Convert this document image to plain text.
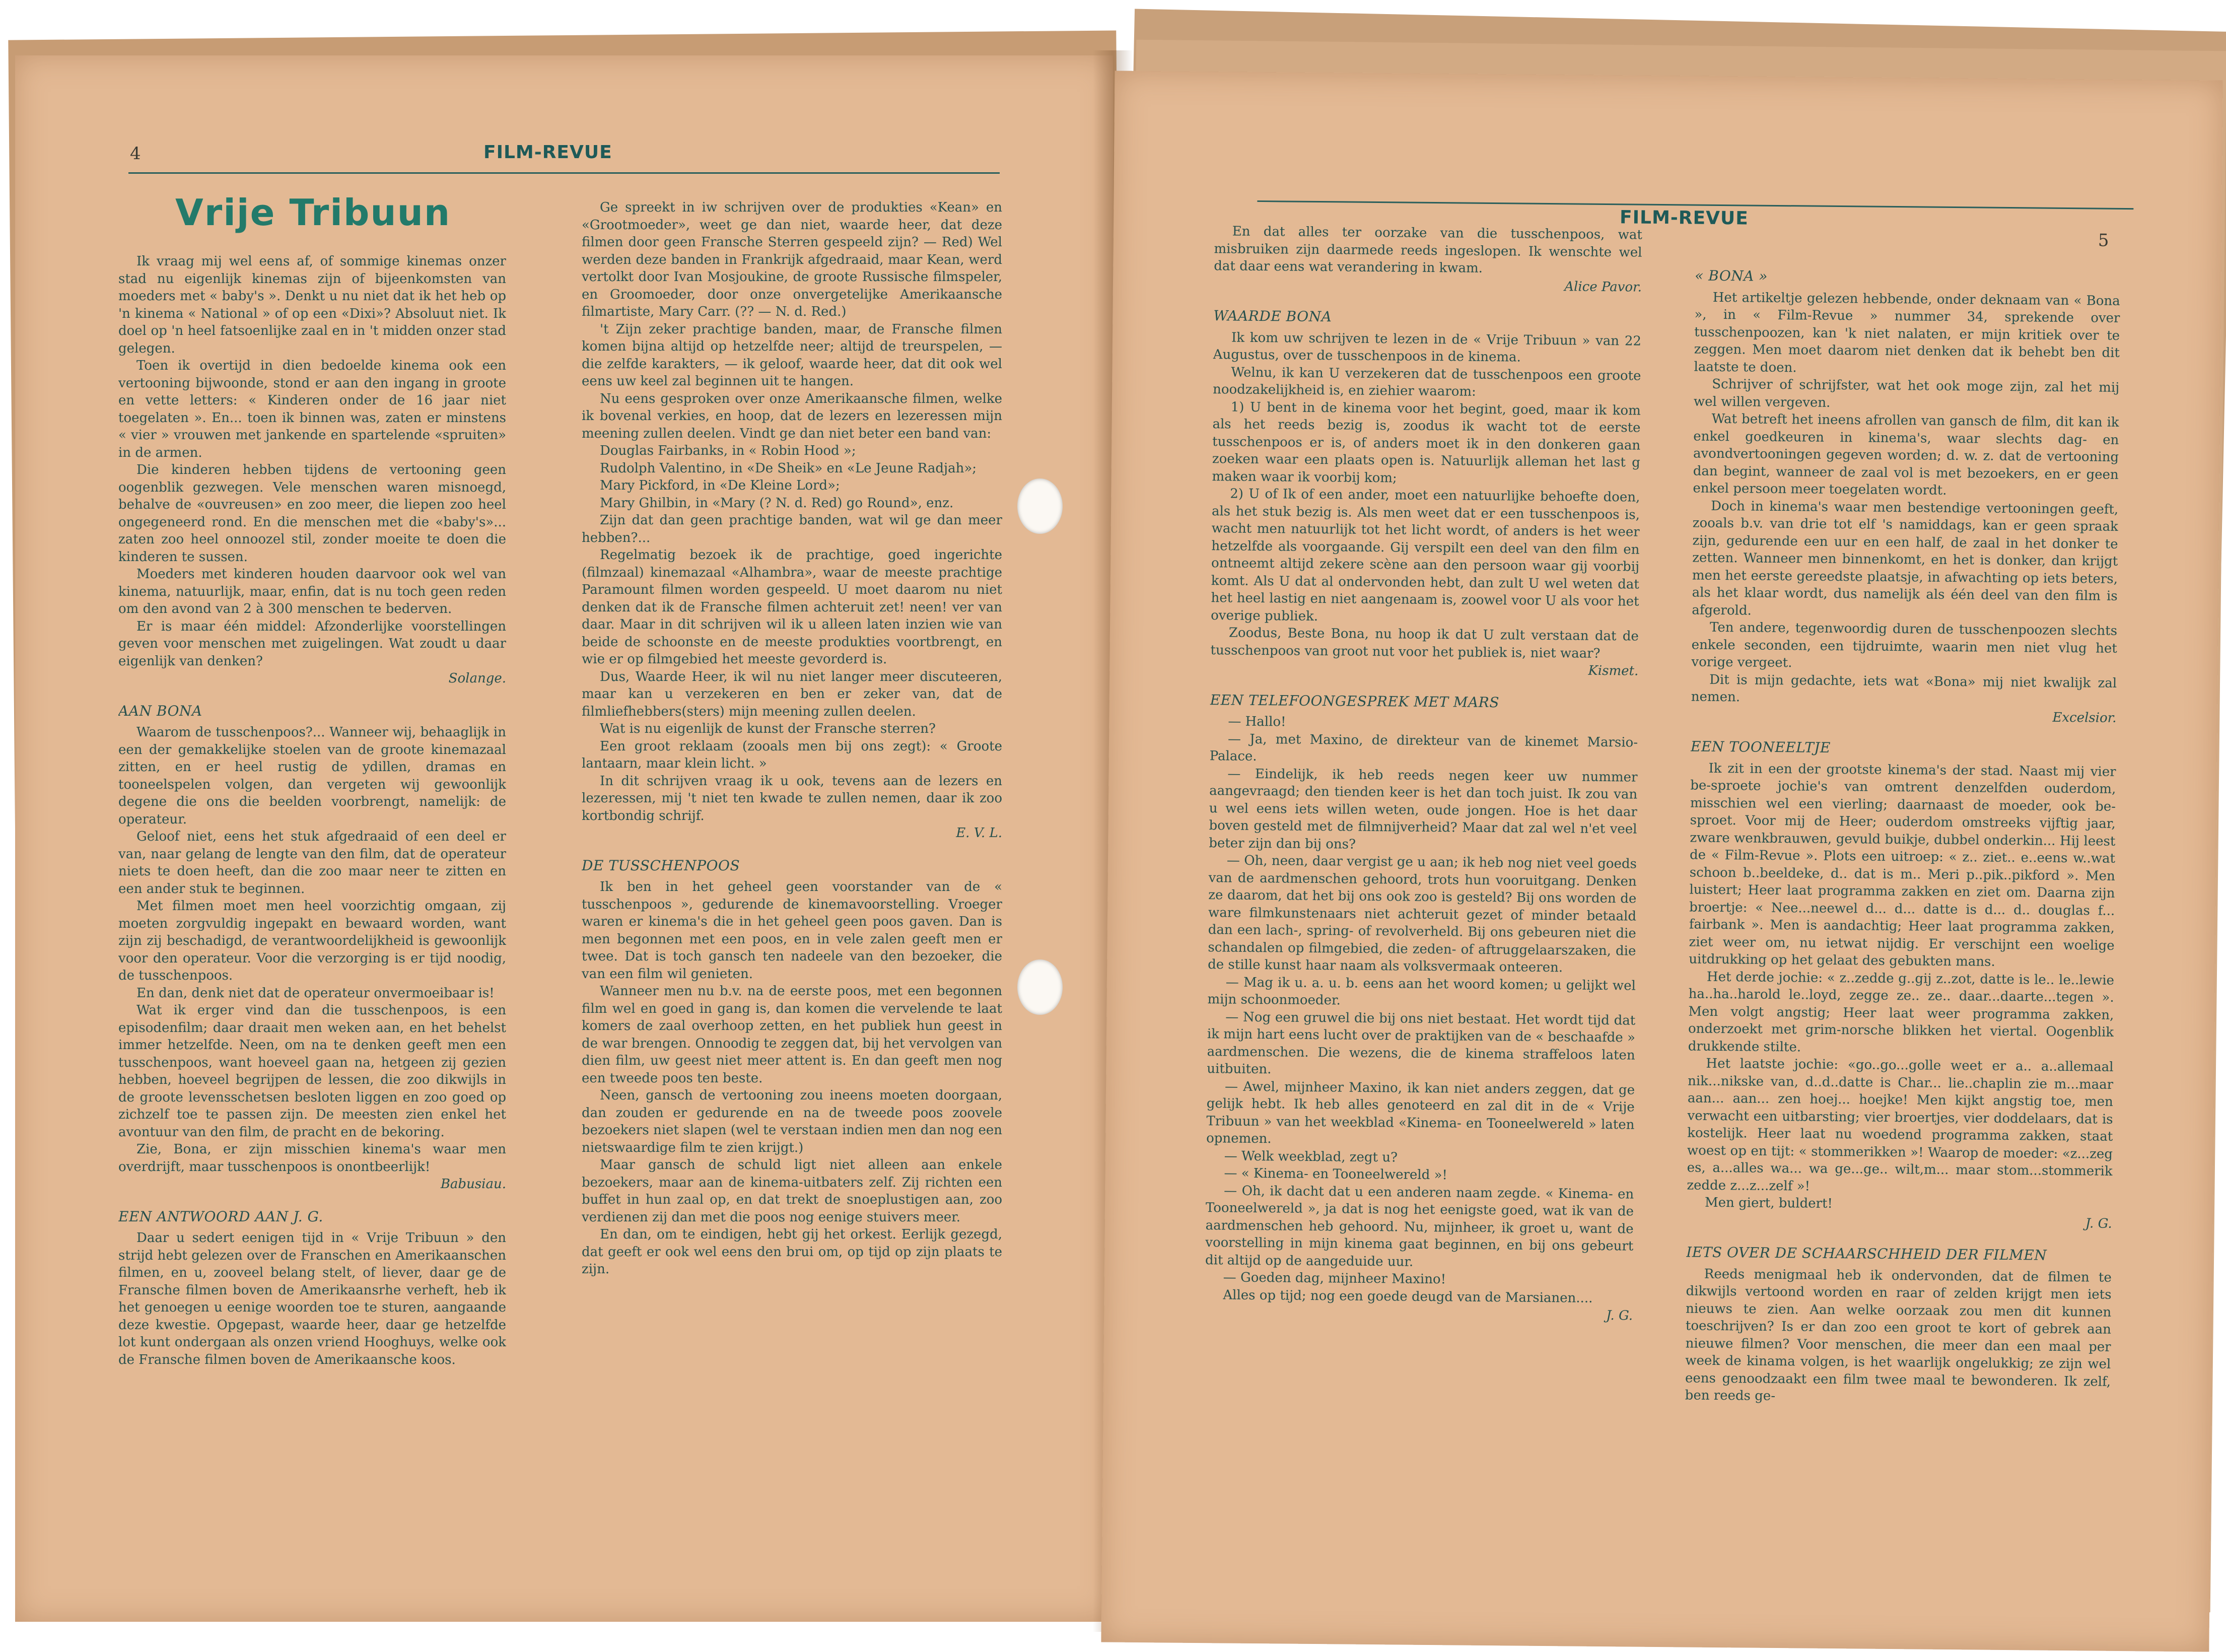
4	FILM-REVUE
Vrije Tribuun

Ik vraag mij wel eens af, of sommige kinemas onzer stad nu eigenlijk kinemas zijn of bijeenkomsten van moeders met « baby's ». Denkt u nu niet dat ik het heb op 'n kinema « National » of op een «Dixi»? Absoluut niet. Ik doel op 'n heel fatsoenlijke zaal en in 't midden onzer stad gelegen.

Toen ik overtijd in dien bedoelde kinema ook een vertooning bijwoonde, stond er aan den ingang in groote en vette letters: « Kinderen onder de 16 jaar niet toegelaten ». En... toen ik binnen was, zaten er minstens « vier » vrouwen met jankende en spartelende «spruiten» in de armen.

Die kinderen hebben tijdens de vertooning geen oogenblik gezwegen. Vele menschen waren misnoegd, behalve de «ouvreusen» en zoo meer, die liepen zoo heel ongegeneerd rond. En die menschen met die «baby's»... zaten zoo heel onnoozel stil, zonder moeite te doen die kinderen te sussen.

Moeders met kinderen houden daarvoor ook wel van kinema, natuurlijk, maar, enfin, dat is nu toch geen reden om den avond van 2 à 300 menschen te bederven.

Er is maar één middel: Afzonderlijke voorstellingen geven voor menschen met zuigelingen. Wat zoudt u daar eigenlijk van denken?

Solange.

AAN BONA

Waarom de tusschenpoos?... Wanneer wij, behaaglijk in een der gemakkelijke stoelen van de groote kinemazaal zitten, en er heel rustig de ydillen, dramas en tooneelspelen volgen, dan vergeten wij gewoonlijk degene die ons die beelden voorbrengt, namelijk: de operateur.

Geloof niet, eens het stuk afgedraaid of een deel er van, naar gelang de lengte van den film, dat de operateur niets te doen heeft, dan die zoo maar neer te zitten en een ander stuk te beginnen.

Met filmen moet men heel voorzichtig omgaan, zij moeten zorgvuldig ingepakt en bewaard worden, want zijn zij beschadigd, de verantwoordelijkheid is gewoonlijk voor den operateur. Voor die verzorging is er tijd noodig, de tusschenpoos.

En dan, denk niet dat de operateur onvermoeibaar is!

Wat ik erger vind dan die tusschenpoos, is een episodenfilm; daar draait men weken aan, en het behelst immer hetzelfde. Neen, om na te denken geeft men een tusschenpoos, want hoeveel gaan na, hetgeen zij gezien hebben, hoeveel begrijpen de lessen, die zoo dikwijls in de groote levensschetsen besloten liggen en zoo goed op zichzelf toe te passen zijn. De meesten zien enkel het avontuur van den film, de pracht en de bekoring.

Zie, Bona, er zijn misschien kinema's waar men overdrijft, maar tusschenpoos is onontbeerlijk!

Babusiau.

EEN ANTWOORD AAN J. G.

Daar u sedert eenigen tijd in « Vrije Tribuun » den strijd hebt gelezen over de Franschen en Amerikaanschen filmen, en u, zooveel belang stelt, of liever, daar ge de Fransche filmen boven de Amerikaansrhe verheft, heb ik het genoegen u eenige woorden toe te sturen, aangaande deze kwestie. Opgepast, waarde heer, daar ge hetzelfde lot kunt ondergaan als onzen vriend Hooghuys, welke ook de Fransche filmen boven de Amerikaansche koos.

Ge spreekt in iw schrijven over de produkties «Kean» en «Grootmoeder», weet ge dan niet, waarde heer, dat deze filmen door geen Fransche Sterren gespeeld zijn? — Red) Wel werden deze banden in Frankrijk afgedraaid, maar Kean, werd vertolkt door Ivan Mosjoukine, de groote Russische filmspeler, en Groomoeder, door onze onvergetelijke Amerikaansche filmartiste, Mary Carr. (?? — N. d. Red.)

't Zijn zeker prachtige banden, maar, de Fransche filmen komen bijna altijd op hetzelfde neer; altijd de treurspelen, — die zelfde karakters, — ik geloof, waarde heer, dat dit ook wel eens uw keel zal beginnen uit te hangen.

Nu eens gesproken over onze Amerikaansche filmen, welke ik bovenal verkies, en hoop, dat de lezers en lezeressen mijn meening zullen deelen. Vindt ge dan niet beter een band van:

Douglas Fairbanks, in « Robin Hood »;

Rudolph Valentino, in «De Sheik» en «Le Jeune Radjah»;

Mary Pickford, in «De Kleine Lord»;

Mary Ghilbin, in «Mary (? N. d. Red) go Round», enz.

Zijn dat dan geen prachtige banden, wat wil ge dan meer hebben?...

Regelmatig bezoek ik de prachtige, goed ingerichte (filmzaal) kinemazaal «Alhambra», waar de meeste prachtige Paramount filmen worden gespeeld. U moet daarom nu niet denken dat ik de Fransche filmen achteruit zet! neen! ver van daar. Maar in dit schrijven wil ik u alleen laten inzien wie van beide de schoonste en de meeste produkties voortbrengt, en wie er op filmgebied het meeste gevorderd is.

Dus, Waarde Heer, ik wil nu niet langer meer discuteeren, maar kan u verzekeren en ben er zeker van, dat de filmliefhebbers(sters) mijn meening zullen deelen.

Wat is nu eigenlijk de kunst der Fransche sterren?

Een groot reklaam (zooals men bij ons zegt): « Groote lantaarn, maar klein licht. »

In dit schrijven vraag ik u ook, tevens aan de lezers en lezeressen, mij 't niet ten kwade te zullen nemen, daar ik zoo kortbondig schrijf.

E. V. L.

DE TUSSCHENPOOS

Ik ben in het geheel geen voorstander van de « tusschenpoos », gedurende de kinemavoorstelling. Vroeger waren er kinema's die in het geheel geen poos gaven. Dan is men begonnen met een poos, en in vele zalen geeft men er twee. Dat is toch gansch ten nadeele van den bezoeker, die van een film wil genieten.

Wanneer men nu b.v. na de eerste poos, met een begonnen film wel en goed in gang is, dan komen die vervelende te laat komers de zaal overhoop zetten, en het publiek hun geest in de war brengen. Onnoodig te zeggen dat, bij het vervolgen van dien film, uw geest niet meer attent is. En dan geeft men nog een tweede poos ten beste.

Neen, gansch de vertooning zou ineens moeten doorgaan, dan zouden er gedurende en na de tweede poos zoovele bezoekers niet slapen (wel te verstaan indien men dan nog een nietswaardige film te zien krijgt.)

Maar gansch de schuld ligt niet alleen aan enkele bezoekers, maar aan de kinema-uitbaters zelf. Zij richten een buffet in hun zaal op, en dat trekt de snoeplustigen aan, zoo verdienen zij dan met die poos nog eenige stuivers meer.

En dan, om te eindigen, hebt gij het orkest. Eerlijk gezegd, dat geeft er ook wel eens den brui om, op tijd op zijn plaats te zijn.

FILM-REVUE
5

En dat alles ter oorzake van die tusschenpoos, wat misbruiken zijn daarmede reeds ingeslopen. Ik wenschte wel dat daar eens wat verandering in kwam.

Alice Pavor.

WAARDE BONA

Ik kom uw schrijven te lezen in de « Vrije Tribuun » van 22 Augustus, over de tusschenpoos in de kinema.

Welnu, ik kan U verzekeren dat de tusschenpoos een groote noodzakelijkheid is, en ziehier waarom:

1) U bent in de kinema voor het begint, goed, maar ik kom als het reeds bezig is, zoodus ik wacht tot de eerste tusschenpoos er is, of anders moet ik in den donkeren gaan zoeken waar een plaats open is. Natuurlijk alleman het last g maken waar ik voorbij kom;

2) U of Ik of een ander, moet een natuurlijke behoefte doen, als het stuk bezig is. Als men weet dat er een tusschenpoos is, wacht men natuurlijk tot het licht wordt, of anders is het weer hetzelfde als voorgaande. Gij verspilt een deel van den film en ontneemt altijd zekere scène aan den persoon waar gij voorbij komt. Als U dat al ondervonden hebt, dan zult U wel weten dat het heel lastig en niet aangenaam is, zoowel voor U als voor het overige publiek.

Zoodus, Beste Bona, nu hoop ik dat U zult verstaan dat de tusschenpoos van groot nut voor het publiek is, niet waar?

Kismet.

EEN TELEFOONGESPREK MET MARS

— Hallo!

— Ja, met Maxino, de direkteur van de kinemet Marsio-Palace.

— Eindelijk, ik heb reeds negen keer uw nummer aangevraagd; den tienden keer is het dan toch juist. Ik zou van u wel eens iets willen weten, oude jongen. Hoe is het daar boven gesteld met de filmnijverheid? Maar dat zal wel n'et veel beter zijn dan bij ons?

— Oh, neen, daar vergist ge u aan; ik heb nog niet veel goeds van de aardmenschen gehoord, trots hun vooruitgang. Denken ze daarom, dat het bij ons ook zoo is gesteld? Bij ons worden de ware filmkunstenaars niet achteruit gezet of minder betaald dan een lach-, spring- of revolverheld. Bij ons gebeuren niet die schandalen op filmgebied, die zeden- of aftruggelaarszaken, die de stille kunst haar naam als volksvermaak onteeren.

— Mag ik u. a. u. b. eens aan het woord komen; u gelijkt wel mijn schoonmoeder.

— Nog een gruwel die bij ons niet bestaat. Het wordt tijd dat ik mijn hart eens lucht over de praktijken van de « beschaafde » aardmenschen. Die wezens, die de kinema straffeloos laten uitbuiten.

— Awel, mijnheer Maxino, ik kan niet anders zeggen, dat ge gelijk hebt. Ik heb alles genoteerd en zal dit in de « Vrije Tribuun » van het weekblad «Kinema- en Tooneelwereld » laten opnemen.

— Welk weekblad, zegt u?

— « Kinema- en Tooneelwereld »!

— Oh, ik dacht dat u een anderen naam zegde. « Kinema- en Tooneelwereld », ja dat is nog het eenigste goed, wat ik van de aardmenschen heb gehoord. Nu, mijnheer, ik groet u, want de voorstelling in mijn kinema gaat beginnen, en bij ons gebeurt dit altijd op de aangeduide uur.

— Goeden dag, mijnheer Maxino!

Alles op tijd; nog een goede deugd van de Marsianen....

J. G.

« BONA »

Het artikeltje gelezen hebbende, onder deknaam van « Bona », in « Film-Revue » nummer 34, sprekende over tusschenpoozen, kan 'k niet nalaten, er mijn kritiek over te zeggen. Men moet daarom niet denken dat ik behebt ben dit laatste te doen.

Schrijver of schrijfster, wat het ook moge zijn, zal het mij wel willen vergeven.

Wat betreft het ineens afrollen van gansch de film, dit kan ik enkel goedkeuren in kinema's, waar slechts dag- en avondvertooningen gegeven worden; d. w. z. dat de vertooning dan begint, wanneer de zaal vol is met bezoekers, en er geen enkel persoon meer toegelaten wordt.

Doch in kinema's waar men bestendige vertooningen geeft, zooals b.v. van drie tot elf 's namiddags, kan er geen spraak zijn, gedurende een uur en een half, de zaal in het donker te zetten. Wanneer men binnenkomt, en het is donker, dan krijgt men het eerste gereedste plaatsje, in afwachting op iets beters, als het klaar wordt, dus namelijk als één deel van den film is afgerold.

Ten andere, tegenwoordig duren de tusschenpoozen slechts enkele seconden, een tijdruimte, waarin men niet vlug het vorige vergeet.

Dit is mijn gedachte, iets wat «Bona» mij niet kwalijk zal nemen.

Excelsior.

EEN TOONEELTJE

Ik zit in een der grootste kinema's der stad. Naast mij vier be-sproete jochie's van omtrent denzelfden ouderdom, misschien wel een vierling; daarnaast de moeder, ook be-sproet. Voor mij de Heer; ouderdom omstreeks vijftig jaar, zware wenkbrauwen, gevuld buikje, dubbel onderkin... Hij leest de « Film-Revue ». Plots een uitroep: « z.. ziet.. e..eens w..wat schoon b..beeldeke, d.. dat is m.. Meri p..pik..pikford ». Men luistert; Heer laat programma zakken en ziet om. Daarna zijn broertje: « Nee...neewel d... d... datte is d... d.. douglas f... fairbank ». Men is aandachtig; Heer laat programma zakken, ziet weer om, nu ietwat nijdig. Er verschijnt een woelige uitdrukking op het gelaat des gebukten mans.

Het derde jochie: « z..zedde g..gij z..zot, datte is le.. le..lewie ha..ha..harold le..loyd, zegge ze.. ze.. daar...daarte...tegen ». Men volgt angstig; Heer laat weer programma zakken, onderzoekt met grim-norsche blikken het viertal. Oogenblik drukkende stilte.

Het laatste jochie: «go..go...golle weet er a.. a..allemaal nik...nikske van, d..d..datte is Char... lie..chaplin zie m...maar aan... aan... zen hoej... hoejke! Men kijkt angstig toe, men verwacht een uitbarsting; vier broertjes, vier doddelaars, dat is kostelijk. Heer laat nu woedend programma zakken, staat woest op en tijt: « stommerikken »! Waarop de moeder: «z...zeg es, a...alles wa... wa ge...ge.. wilt,m... maar stom...stommerik zedde z...z...zelf »!

Men giert, buldert!

J. G.

IETS OVER DE SCHAARSCHHEID DER FILMEN

Reeds menigmaal heb ik ondervonden, dat de filmen te dikwijls vertoond worden en raar of zelden krijgt men iets nieuws te zien. Aan welke oorzaak zou men dit kunnen toeschrijven? Is er dan zoo een groot te kort of gebrek aan nieuwe filmen? Voor menschen, die meer dan een maal per week de kinama volgen, is het waarlijk ongelukkig; ze zijn wel eens genoodzaakt een film twee maal te bewonderen. Ik zelf, ben reeds ge-
